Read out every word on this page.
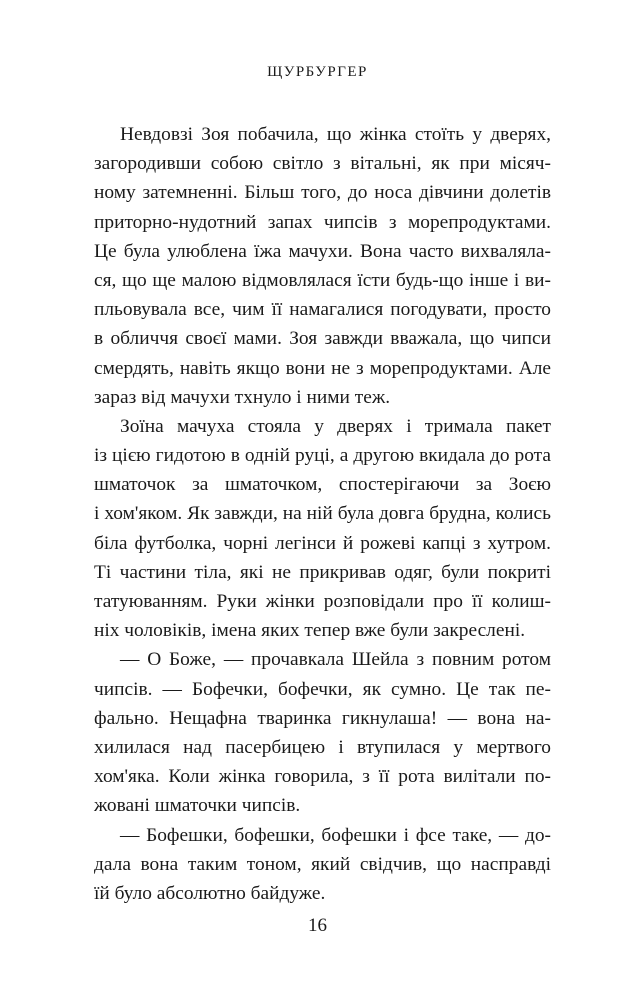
ЩУРБУРГЕР
Невдовзі Зоя побачила, що жінка стоїть у дверях,
загородивши собою світло з вітальні, як при місяч-
ному затемненні. Більш того, до носа дівчини долетів
приторно-нудотний запах чипсів з морепродуктами.
Це була улюблена їжа мачухи. Вона часто вихваляла-
ся, що ще малою відмовлялася їсти будь-що інше і ви-
пльовувала все, чим її намагалися погодувати, просто
в обличчя своєї мами. Зоя завжди вважала, що чипси
смердять, навіть якщо вони не з морепродуктами. Але
зараз від мачухи тхнуло і ними теж.
Зоїна мачуха стояла у дверях і тримала пакет
із цією гидотою в одній руці, а другою вкидала до рота
шматочок за шматочком, спостерігаючи за Зоєю
і хом'яком. Як завжди, на ній була довга брудна, колись
біла футболка, чорні легінси й рожеві капці з хутром.
Ті частини тіла, які не прикривав одяг, були покриті
татуюванням. Руки жінки розповідали про її колиш-
ніх чоловіків, імена яких тепер вже були закреслені.
— О Боже, — прочавкала Шейла з повним ротом
чипсів. — Бофечки, бофечки, як сумно. Це так пе-
фально. Нещафна тваринка гикнулаша! — вона на-
хилилася над пасербицею і втупилася у мертвого
хом'яка. Коли жінка говорила, з її рота вилітали по-
жовані шматочки чипсів.
— Бофешки, бофешки, бофешки і фсе таке, — до-
дала вона таким тоном, який свідчив, що насправді
їй було абсолютно байдуже.
16
